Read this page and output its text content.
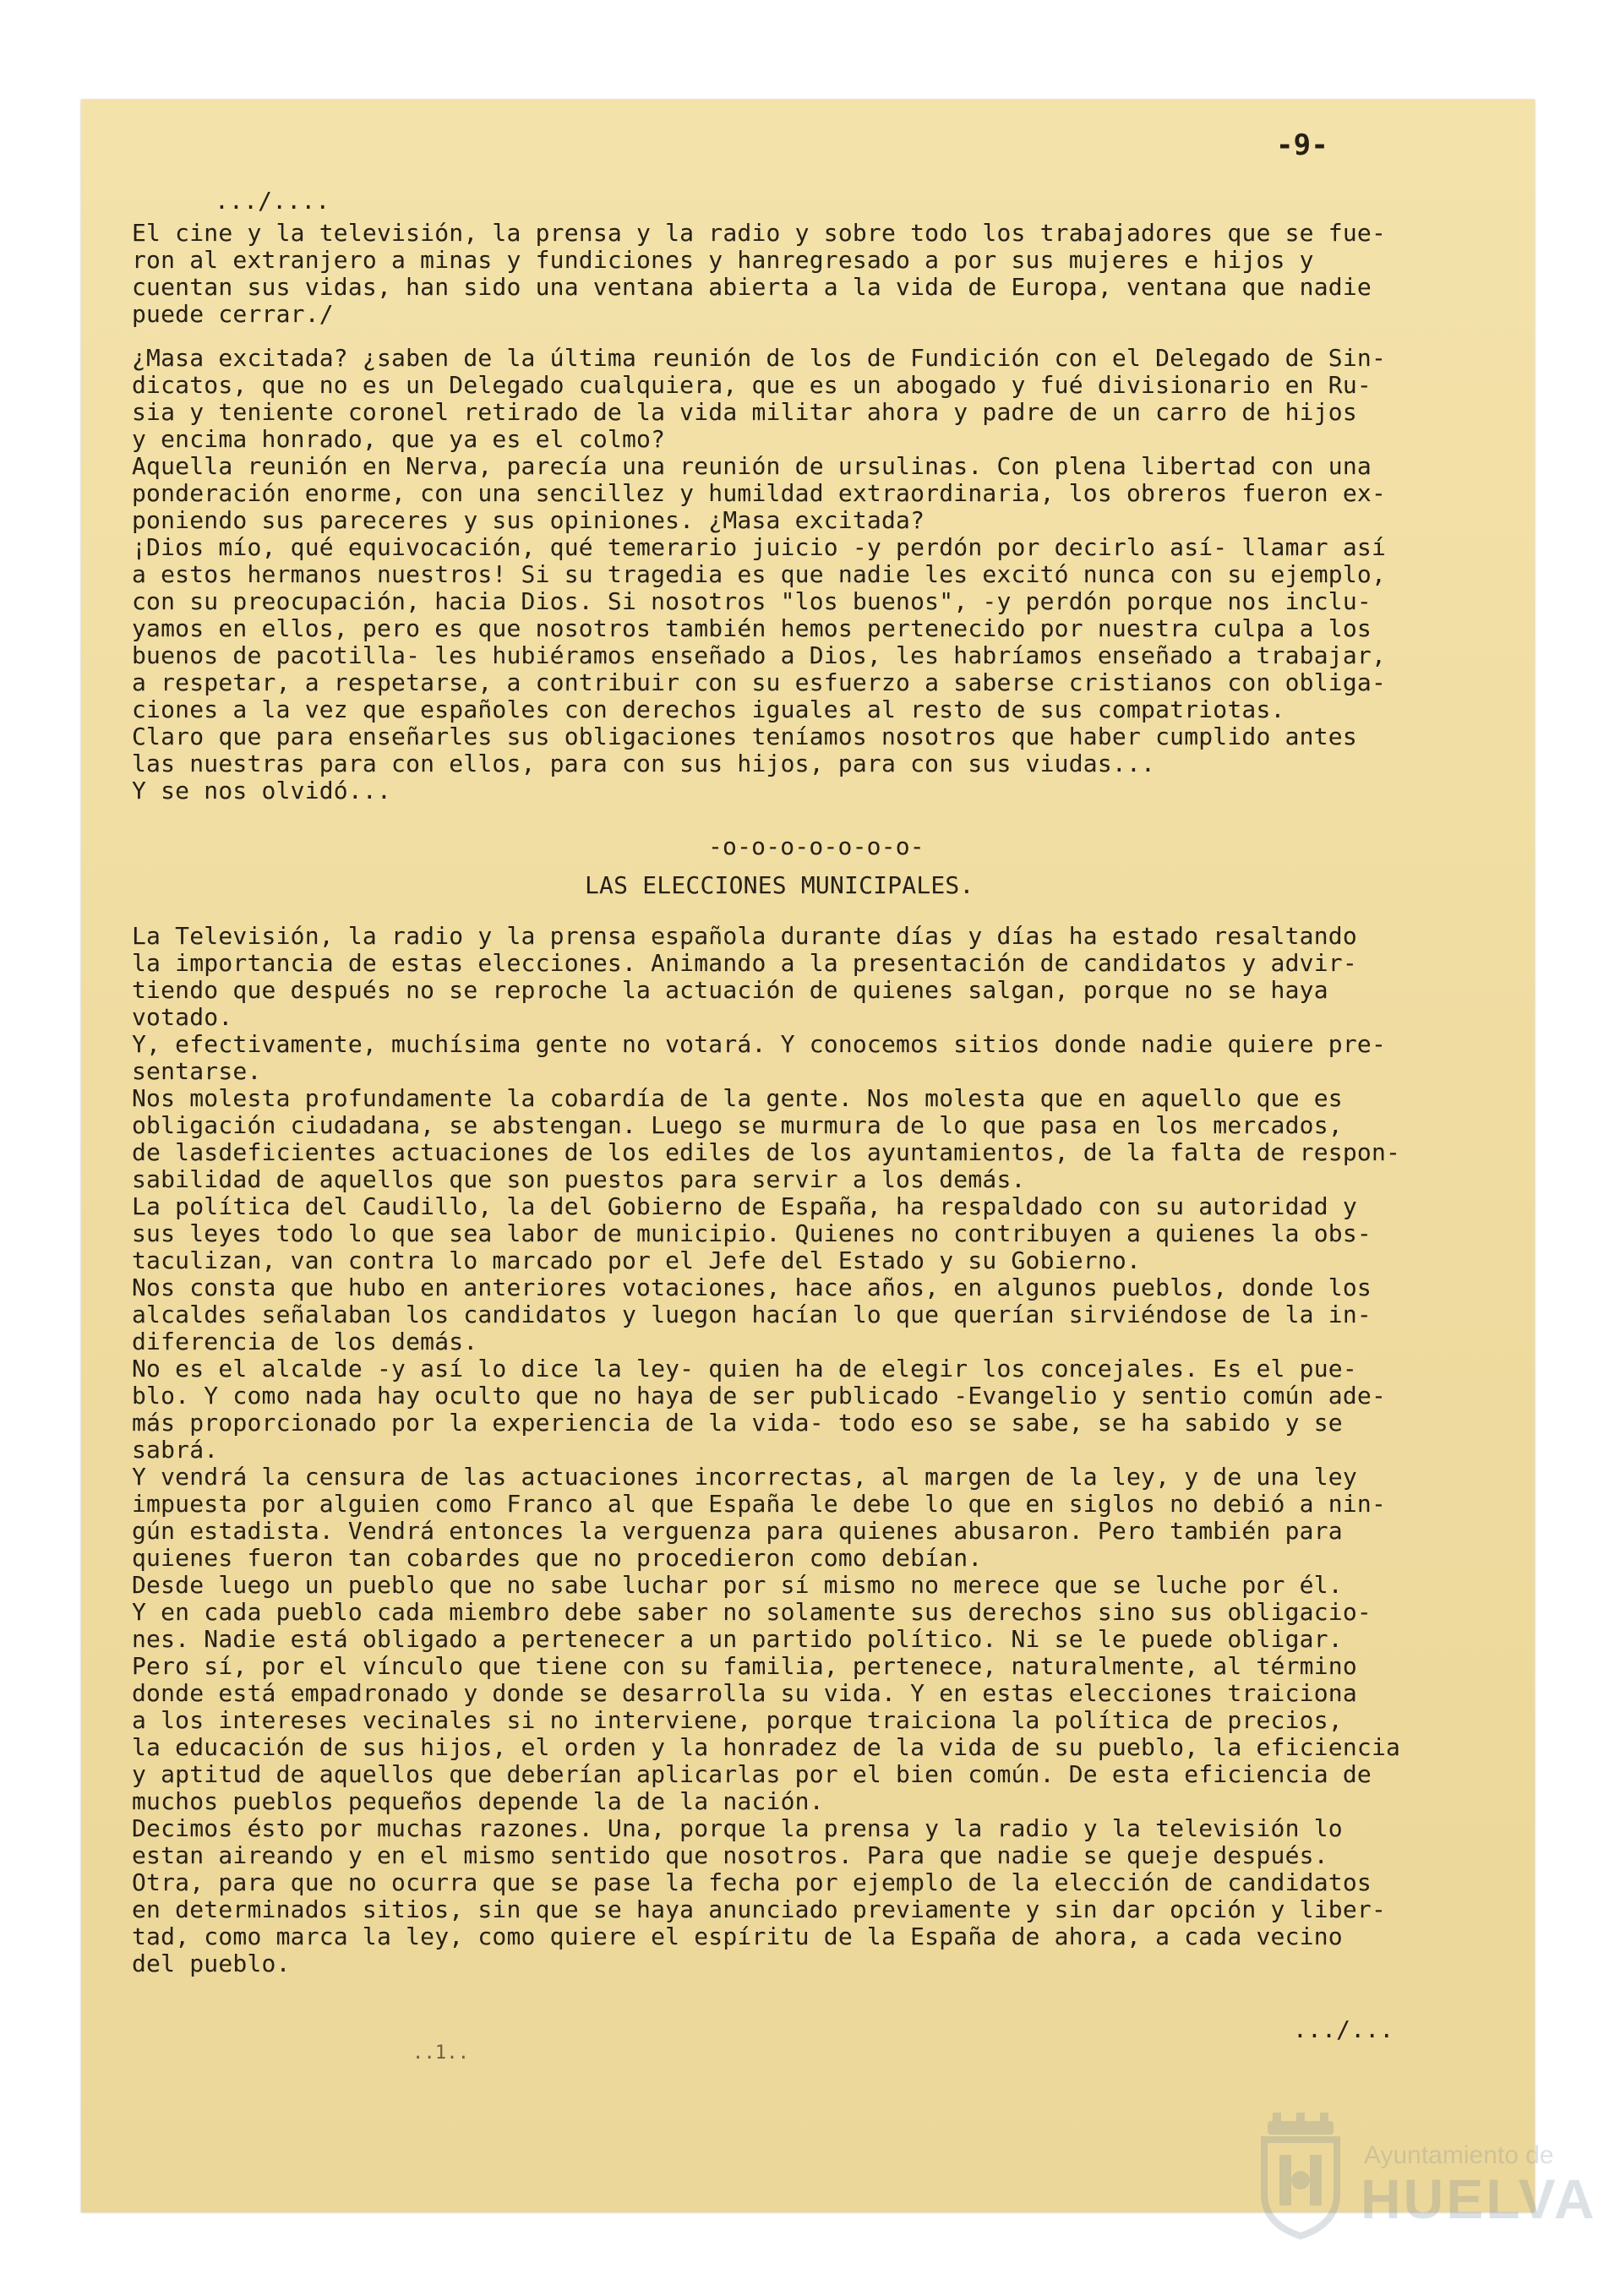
-9-
.../....
El cine y la televisión, la prensa y la radio y sobre todo los trabajadores que se fue-
ron al extranjero a minas y fundiciones y hanregresado a por sus mujeres e hijos y
cuentan sus vidas, han sido una ventana abierta a la vida de Europa, ventana que nadie
puede cerrar./
¿Masa excitada? ¿saben de la última reunión de los de Fundición con el Delegado de Sin-
dicatos, que no es un Delegado cualquiera, que es un abogado y fué divisionario en Ru-
sia y teniente coronel retirado de la vida militar ahora y padre de un carro de hijos
y encima honrado, que ya es el colmo?
Aquella reunión en Nerva, parecía una reunión de ursulinas. Con plena libertad con una
ponderación enorme, con una sencillez y humildad extraordinaria, los obreros fueron ex-
poniendo sus pareceres y sus opiniones. ¿Masa excitada?
¡Dios mío, qué equivocación, qué temerario juicio -y perdón por decirlo así- llamar así
a estos hermanos nuestros! Si su tragedia es que nadie les excitó nunca con su ejemplo,
con su preocupación, hacia Dios. Si nosotros "los buenos", -y perdón porque nos inclu-
yamos en ellos, pero es que nosotros también hemos pertenecido por nuestra culpa a los
buenos de pacotilla- les hubiéramos enseñado a Dios, les habríamos enseñado a trabajar,
a respetar, a respetarse, a contribuir con su esfuerzo a saberse cristianos con obliga-
ciones a la vez que españoles con derechos iguales al resto de sus compatriotas.
Claro que para enseñarles sus obligaciones teníamos nosotros que haber cumplido antes
las nuestras para con ellos, para con sus hijos, para con sus viudas...
Y se nos olvidó...
-o-o-o-o-o-o-o-
LAS ELECCIONES MUNICIPALES.
La Televisión, la radio y la prensa española durante días y días ha estado resaltando
la importancia de estas elecciones. Animando a la presentación de candidatos y advir-
tiendo que después no se reproche la actuación de quienes salgan, porque no se haya
votado.
Y, efectivamente, muchísima gente no votará. Y conocemos sitios donde nadie quiere pre-
sentarse.
Nos molesta profundamente la cobardía de la gente. Nos molesta que en aquello que es
obligación ciudadana, se abstengan. Luego se murmura de lo que pasa en los mercados,
de lasdeficientes actuaciones de los ediles de los ayuntamientos, de la falta de respon-
sabilidad de aquellos que son puestos para servir a los demás.
La política del Caudillo, la del Gobierno de España, ha respaldado con su autoridad y
sus leyes todo lo que sea labor de municipio. Quienes no contribuyen a quienes la obs-
taculizan, van contra lo marcado por el Jefe del Estado y su Gobierno.
Nos consta que hubo en anteriores votaciones, hace años, en algunos pueblos, donde los
alcaldes señalaban los candidatos y luegon hacían lo que querían sirviéndose de la in-
diferencia de los demás.
No es el alcalde -y así lo dice la ley- quien ha de elegir los concejales. Es el pue-
blo. Y como nada hay oculto que no haya de ser publicado -Evangelio y sentio común ade-
más proporcionado por la experiencia de la vida- todo eso se sabe, se ha sabido y se
sabrá.
Y vendrá la censura de las actuaciones incorrectas, al margen de la ley, y de una ley
impuesta por alguien como Franco al que España le debe lo que en siglos no debió a nin-
gún estadista. Vendrá entonces la verguenza para quienes abusaron. Pero también para
quienes fueron tan cobardes que no procedieron como debían.
Desde luego un pueblo que no sabe luchar por sí mismo no merece que se luche por él.
Y en cada pueblo cada miembro debe saber no solamente sus derechos sino sus obligacio-
nes. Nadie está obligado a pertenecer a un partido político. Ni se le puede obligar.
Pero sí, por el vínculo que tiene con su familia, pertenece, naturalmente, al término
donde está empadronado y donde se desarrolla su vida. Y en estas elecciones traiciona
a los intereses vecinales si no interviene, porque traiciona la política de precios,
la educación de sus hijos, el orden y la honradez de la vida de su pueblo, la eficiencia
y aptitud de aquellos que deberían aplicarlas por el bien común. De esta eficiencia de
muchos pueblos pequeños depende la de la nación.
Decimos ésto por muchas razones. Una, porque la prensa y la radio y la televisión lo
estan aireando y en el mismo sentido que nosotros. Para que nadie se queje después.
Otra, para que no ocurra que se pase la fecha por ejemplo de la elección de candidatos
en determinados sitios, sin que se haya anunciado previamente y sin dar opción y liber-
tad, como marca la ley, como quiere el espíritu de la España de ahora, a cada vecino
del pueblo.
.../...
..1..
Ayuntamiento de
HUELVA
